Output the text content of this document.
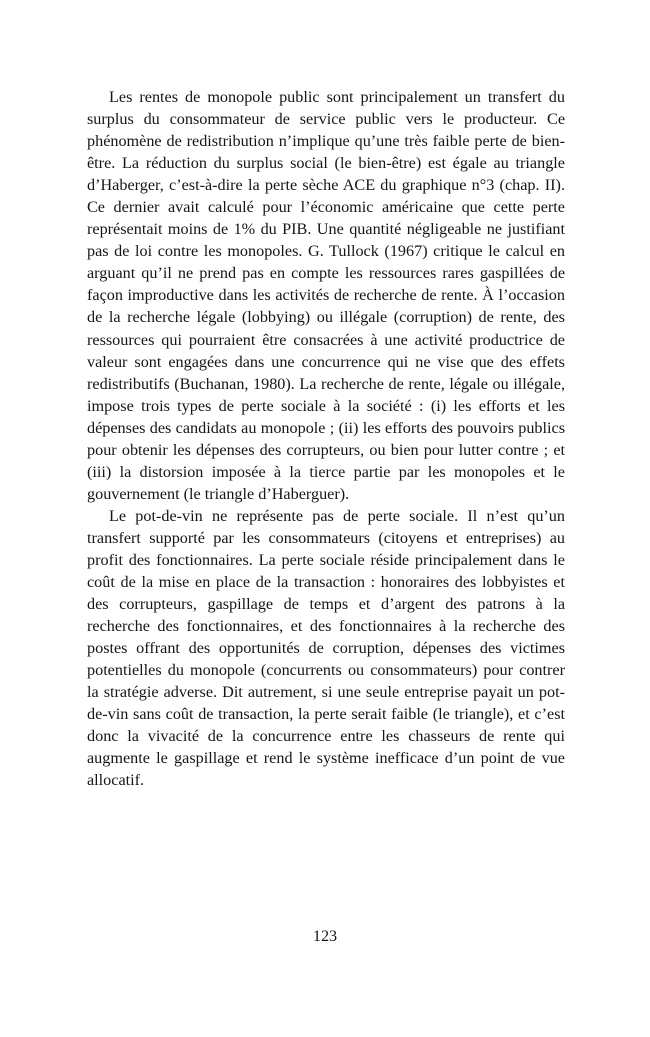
Les rentes de monopole public sont principalement un transfert du surplus du consommateur de service public vers le producteur. Ce phénomène de redistribution n’implique qu’une très faible perte de bien-être. La réduction du surplus social (le bien-être) est égale au triangle d’Haberger, c’est-à-dire la perte sèche ACE du graphique n°3 (chap. II). Ce dernier avait calculé pour l’économic américaine que cette perte représentait moins de 1% du PIB. Une quantité négligeable ne justifiant pas de loi contre les monopoles. G. Tullock (1967) critique le calcul en arguant qu’il ne prend pas en compte les ressources rares gaspillées de façon improductive dans les activités de recherche de rente. À l’occasion de la recherche légale (lobbying) ou illégale (corruption) de rente, des ressources qui pourraient être consacrées à une activité productrice de valeur sont engagées dans une concurrence qui ne vise que des effets redistributifs (Buchanan, 1980). La recherche de rente, légale ou illégale, impose trois types de perte sociale à la société : (i) les efforts et les dépenses des candidats au monopole ; (ii) les efforts des pouvoirs publics pour obtenir les dépenses des corrupteurs, ou bien pour lutter contre ; et (iii) la distorsion imposée à la tierce partie par les monopoles et le gouvernement (le triangle d’Haberguer).

Le pot-de-vin ne représente pas de perte sociale. Il n’est qu’un transfert supporté par les consommateurs (citoyens et entreprises) au profit des fonctionnaires. La perte sociale réside principalement dans le coût de la mise en place de la transaction : honoraires des lobbyistes et des corrupteurs, gaspillage de temps et d’argent des patrons à la recherche des fonctionnaires, et des fonctionnaires à la recherche des postes offrant des opportunités de corruption, dépenses des victimes potentielles du monopole (concurrents ou consommateurs) pour contrer la stratégie adverse. Dit autrement, si une seule entreprise payait un pot-de-vin sans coût de transaction, la perte serait faible (le triangle), et c’est donc la vivacité de la concurrence entre les chasseurs de rente qui augmente le gaspillage et rend le système inefficace d’un point de vue allocatif.

123
